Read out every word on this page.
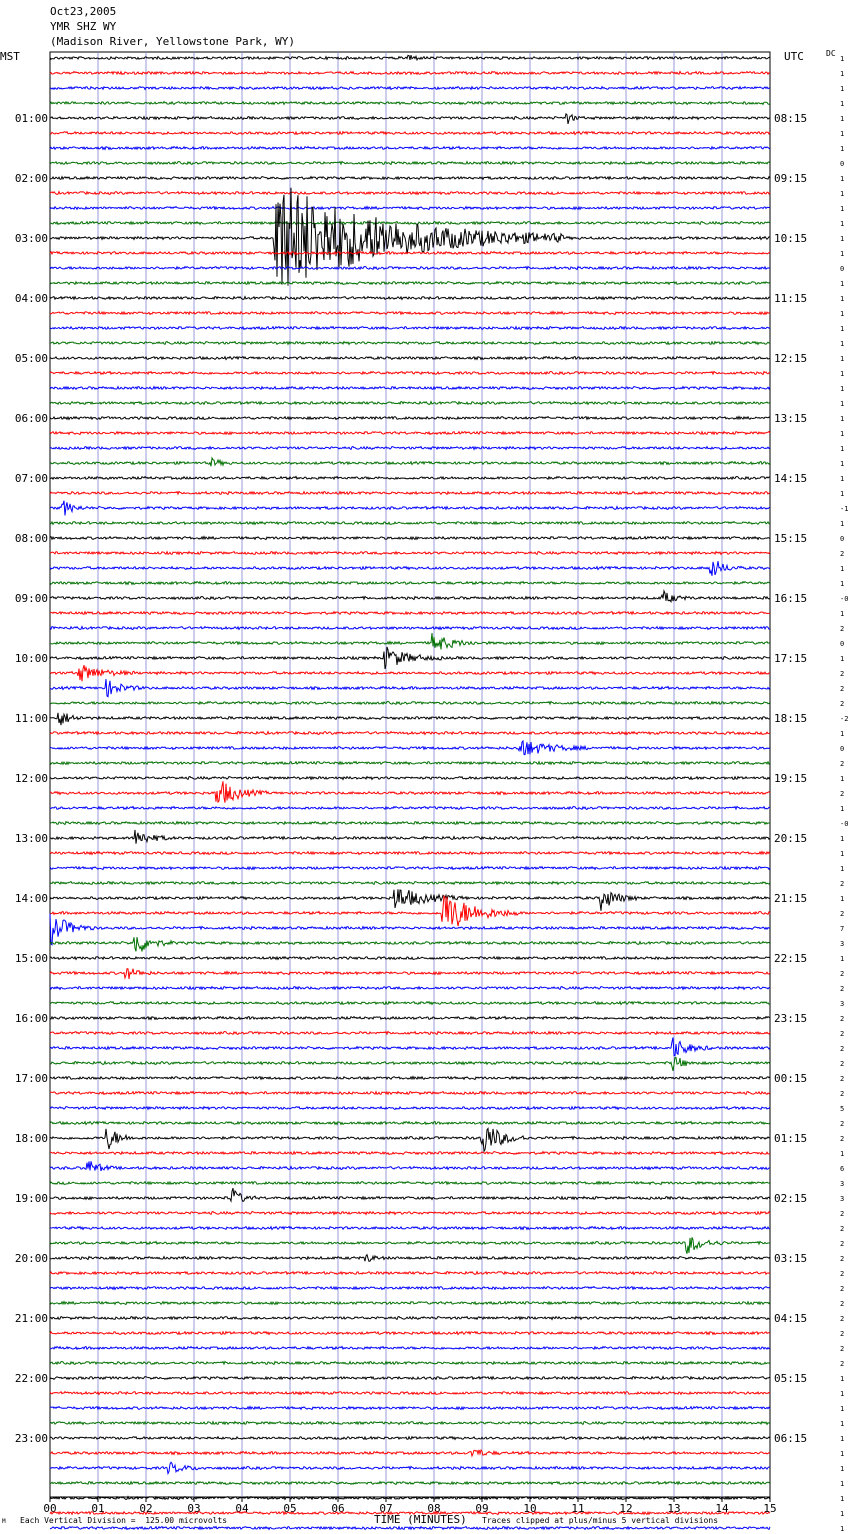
Oct23,2005
YMR SHZ WY
(Madison River, Yellowstone Park, WY)
MST	UTC	DC
00	01	02	03	04	05	06	07	08	09	10	11	12	13	14	15
1
1
1
1
1
1
1
0
1
1
1
1
1
1
0
1
1
1
1
1
1
1
1
1
1
1
1
1
1
1
-1
1
0
2
1
1
-0
1
2
0
1
2
2
2
-2
1
0
2
1
2
1
-0
1
1
1
2
1
2
7
3
1
2
2
3
2
2
2
2
2
2
5
2
2
1
6
3
3
2
2
2
2
2
2
2
2
2
2
2
1
1
1
1
1
1
1
1
1
1
1
01:00	08:15
02:00	09:15
03:00	10:15
04:00	11:15
05:00	12:15
06:00	13:15
07:00	14:15
08:00	15:15
09:00	16:15
10:00	17:15
11:00	18:15
12:00	19:15
13:00	20:15
14:00	21:15
15:00	22:15
16:00	23:15
17:00	00:15
18:00	01:15
19:00	02:15
20:00	03:15
21:00	04:15
22:00	05:15
23:00	06:15
M Each Vertical Division =  125.00 microvolts	TIME (MINUTES) Traces clipped at plus/minus 5 vertical divisions
